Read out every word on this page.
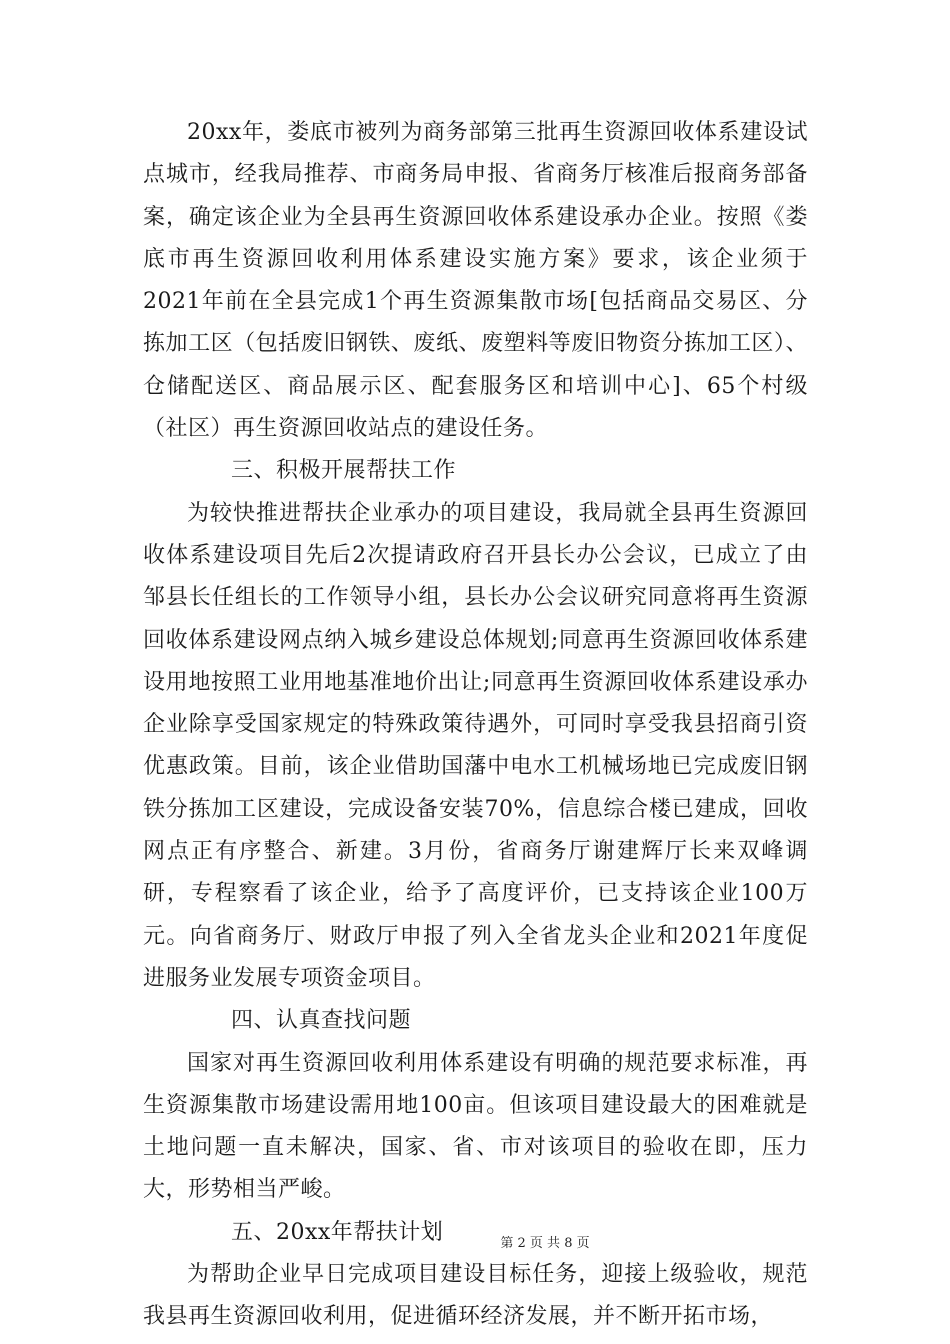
20xx年，娄底市被列为商务部第三批再生资源回收体系建设试点城市，经我局推荐、市商务局申报、省商务厅核准后报商务部备案，确定该企业为全县再生资源回收体系建设承办企业。按照《娄底市再生资源回收利用体系建设实施方案》要求，该企业须于2021年前在全县完成1个再生资源集散市场[包括商品交易区、分拣加工区（包括废旧钢铁、废纸、废塑料等废旧物资分拣加工区）、仓储配送区、商品展示区、配套服务区和培训中心]、65个村级（社区）再生资源回收站点的建设任务。

三、积极开展帮扶工作

为较快推进帮扶企业承办的项目建设，我局就全县再生资源回收体系建设项目先后2次提请政府召开县长办公会议，已成立了由邹县长任组长的工作领导小组，县长办公会议研究同意将再生资源回收体系建设网点纳入城乡建设总体规划;同意再生资源回收体系建设用地按照工业用地基准地价出让;同意再生资源回收体系建设承办企业除享受国家规定的特殊政策待遇外，可同时享受我县招商引资优惠政策。目前，该企业借助国藩中电水工机械场地已完成废旧钢铁分拣加工区建设，完成设备安装70%，信息综合楼已建成，回收网点正有序整合、新建。3月份，省商务厅谢建辉厅长来双峰调研，专程察看了该企业，给予了高度评价，已支持该企业100万元。向省商务厅、财政厅申报了列入全省龙头企业和2021年度促进服务业发展专项资金项目。

四、认真查找问题

国家对再生资源回收利用体系建设有明确的规范要求标准，再生资源集散市场建设需用地100亩。但该项目建设最大的困难就是土地问题一直未解决，国家、省、市对该项目的验收在即，压力大，形势相当严峻。

五、20xx年帮扶计划

为帮助企业早日完成项目建设目标任务，迎接上级验收，规范我县再生资源回收利用，促进循环经济发展，并不断开拓市场，

第 2 页 共 8 页
